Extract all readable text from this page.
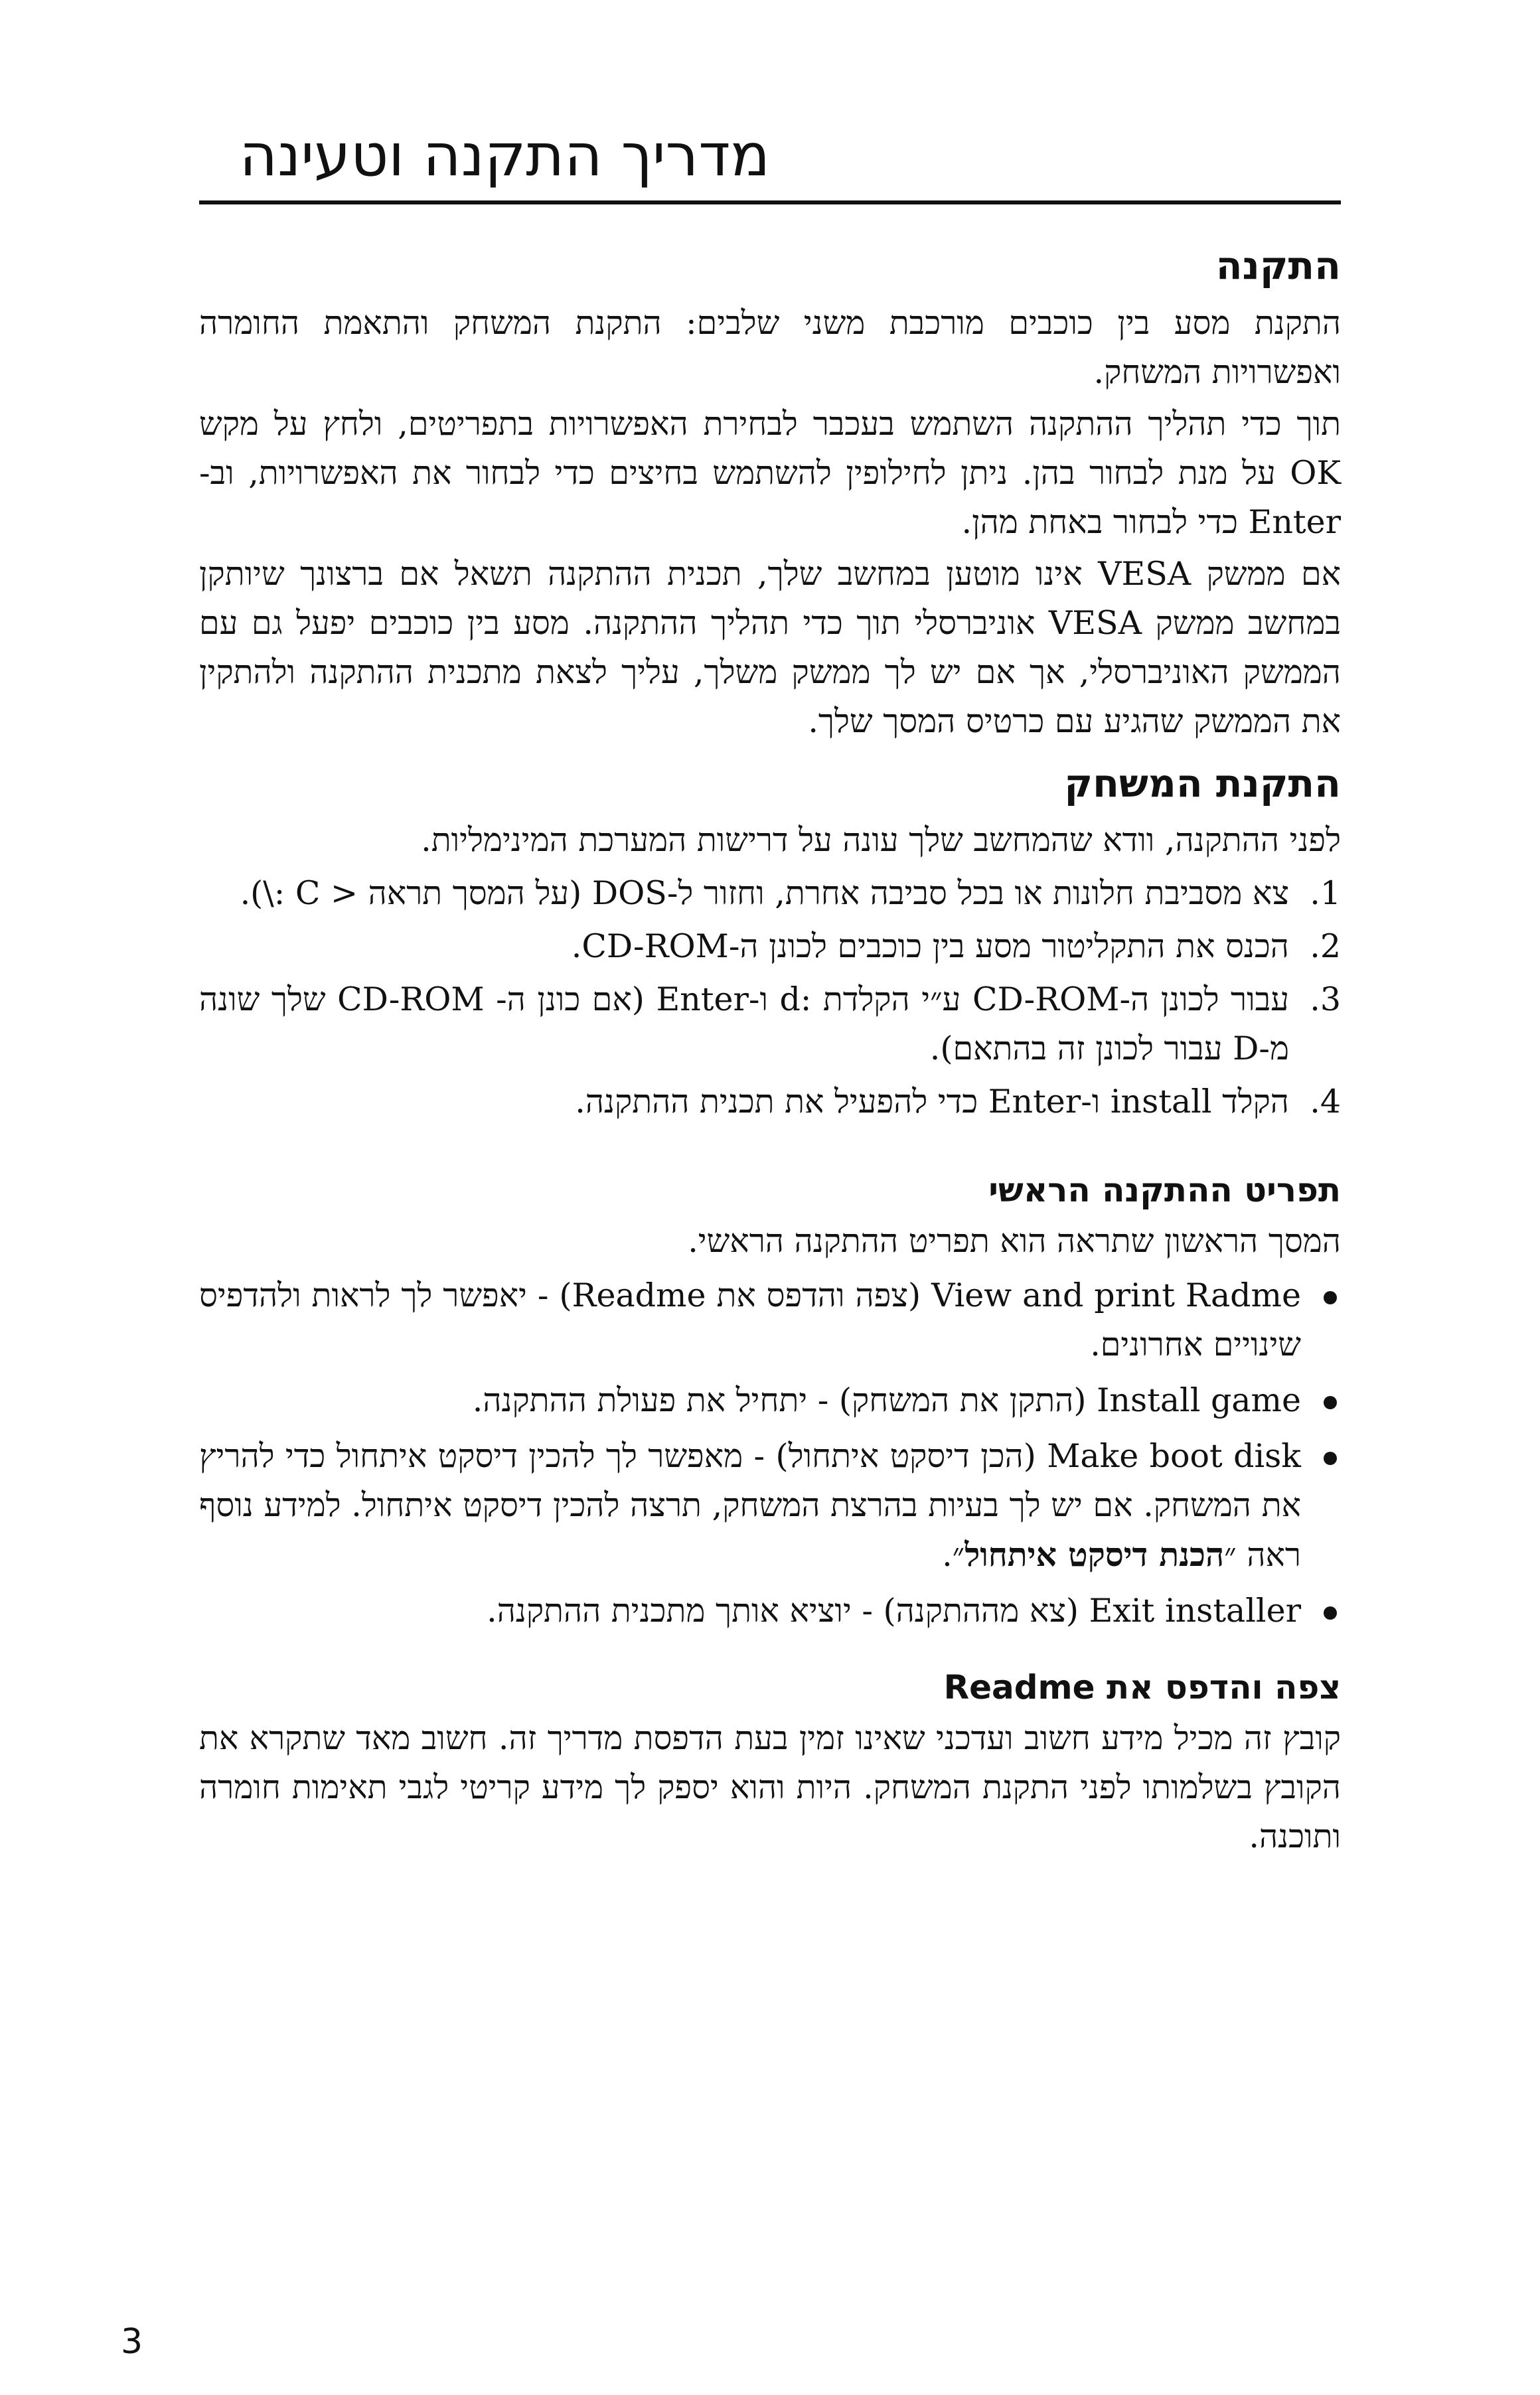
מדריך התקנה וטעינה
התקנה

התקנת מסע בין כוכבים מורכבת משני שלבים: התקנת המשחק והתאמת החומרה ואפשרויות המשחק.

תוך כדי תהליך ההתקנה השתמש בעכבר לבחירת האפשרויות בתפריטים, ולחץ על מקש OK על מנת לבחור בהן. ניתן לחילופין להשתמש בחיצים כדי לבחור את האפשרויות, וב-Enter כדי לבחור באחת מהן.

אם ממשק VESA אינו מוטען במחשב שלך, תכנית ההתקנה תשאל אם ברצונך שיותקן במחשב ממשק VESA אוניברסלי תוך כדי תהליך ההתקנה. מסע בין כוכבים יפעל גם עם הממשק האוניברסלי, אך אם יש לך ממשק משלך, עליך לצאת מתכנית ההתקנה ולהתקין את הממשק שהגיע עם כרטיס המסך שלך.

התקנת המשחק

לפני ההתקנה, וודא שהמחשב שלך עונה על דרישות המערכת המינימליות.

1.
צא מסביבת חלונות או בכל סביבה אחרת, וחזור ל-DOS (על המסך תראה < C :\).
2.
הכנס את התקליטור מסע בין כוכבים לכונן ה-CD-ROM.
3.
עבור לכונן ה-CD-ROM ע״י הקלדת :d ו-Enter (אם כונן ה- CD-ROM שלך שונה מ-D עבור לכונן זה בהתאם).
4.
הקלד install ו-Enter כדי להפעיל את תכנית ההתקנה.
תפריט ההתקנה הראשי

המסך הראשון שתראה הוא תפריט ההתקנה הראשי.

View and print Radme (צפה והדפס את Readme) - יאפשר לך לראות ולהדפיס שינויים אחרונים.
Install game (התקן את המשחק) - יתחיל את פעולת ההתקנה.
Make boot disk (הכן דיסקט איתחול) - מאפשר לך להכין דיסקט איתחול כדי להריץ את המשחק. אם יש לך בעיות בהרצת המשחק, תרצה להכין דיסקט איתחול. למידע נוסף ראה ״הכנת דיסקט איתחול״.
Exit installer (צא מההתקנה) - יוציא אותך מתכנית ההתקנה.
צפה והדפס את Readme

קובץ זה מכיל מידע חשוב ועדכני שאינו זמין בעת הדפסת מדריך זה. חשוב מאד שתקרא את הקובץ בשלמותו לפני התקנת המשחק. היות והוא יספק לך מידע קריטי לגבי תאימות חומרה ותוכנה.

3
